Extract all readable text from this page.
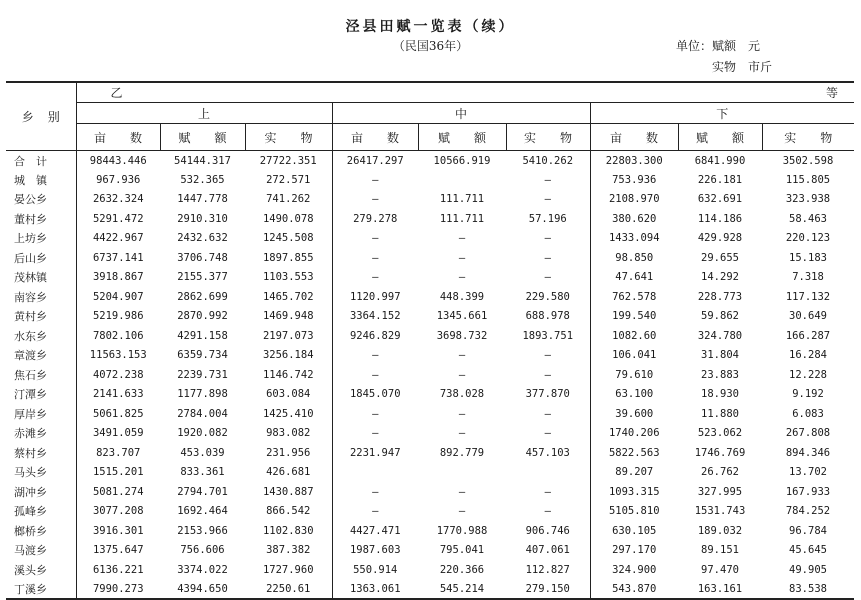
泾县田赋一览表（续）
（民国36年）	单位：赋额　元
实物　市斤
乡别	乙 等								

	上			中			下		
	亩　　数	赋　　额	实　　物	亩　　数	赋　　额	实　　物	亩　　数	赋　　额	实　　物
合　计	98443.446	54144.317	27722.351	26417.297	10566.919	5410.262	22803.300	6841.990	3502.598
城　镇	967.936	532.365	272.571	—		—	753.936	226.181	115.805
晏公乡	2632.324	1447.778	741.262	—	111.711	—	2108.970	632.691	323.938
董村乡	5291.472	2910.310	1490.078	279.278	111.711	57.196	380.620	114.186	58.463
上坊乡	4422.967	2432.632	1245.508	—	—	—	1433.094	429.928	220.123
后山乡	6737.141	3706.748	1897.855	—	—	—	98.850	29.655	15.183
茂林镇	3918.867	2155.377	1103.553	—	—	—	47.641	14.292	7.318
南容乡	5204.907	2862.699	1465.702	1120.997	448.399	229.580	762.578	228.773	117.132
黄村乡	5219.986	2870.992	1469.948	3364.152	1345.661	688.978	199.540	59.862	30.649
水东乡	7802.106	4291.158	2197.073	9246.829	3698.732	1893.751	1082.60	324.780	166.287
章渡乡	11563.153	6359.734	3256.184	—	—	—	106.041	31.804	16.284
焦石乡	4072.238	2239.731	1146.742	—	—	—	79.610	23.883	12.228
汀潭乡	2141.633	1177.898	603.084	1845.070	738.028	377.870	63.100	18.930	9.192
厚岸乡	5061.825	2784.004	1425.410	—	—	—	39.600	11.880	6.083
赤滩乡	3491.059	1920.082	983.082	—	—	—	1740.206	523.062	267.808
蔡村乡	823.707	453.039	231.956	2231.947	892.779	457.103	5822.563	1746.769	894.346
马头乡	1515.201	833.361	426.681				89.207	26.762	13.702
湖冲乡	5081.274	2794.701	1430.887	—	—	—	1093.315	327.995	167.933
孤峰乡	3077.208	1692.464	866.542	—	—	—	5105.810	1531.743	784.252
榔桥乡	3916.301	2153.966	1102.830	4427.471	1770.988	906.746	630.105	189.032	96.784
马渡乡	1375.647	756.606	387.382	1987.603	795.041	407.061	297.170	89.151	45.645
溪头乡	6136.221	3374.022	1727.960	550.914	220.366	112.827	324.900	97.470	49.905
丁溪乡	7990.273	4394.650	2250.61	1363.061	545.214	279.150	543.870	163.161	83.538
